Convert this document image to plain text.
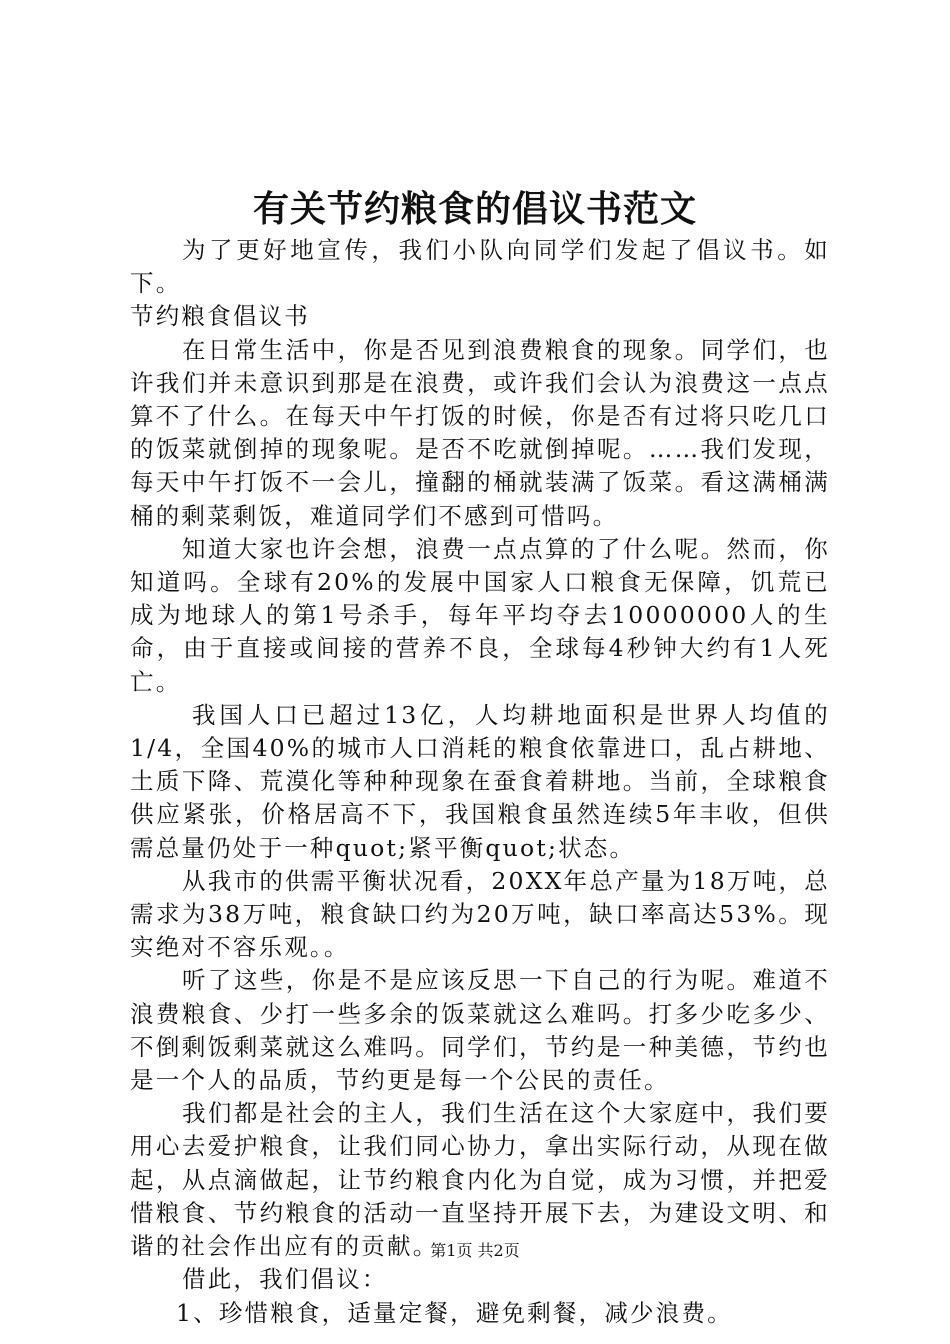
有关节约粮食的倡议书范文

为了更好地宣传，我们小队向同学们发起了倡议书。如下。

节约粮食倡议书

在日常生活中，你是否见到浪费粮食的现象。同学们，也许我们并未意识到那是在浪费，或许我们会认为浪费这一点点算不了什么。在每天中午打饭的时候，你是否有过将只吃几口的饭菜就倒掉的现象呢。是否不吃就倒掉呢。……我们发现，每天中午打饭不一会儿，撞翻的桶就装满了饭菜。看这满桶满桶的剩菜剩饭，难道同学们不感到可惜吗。

知道大家也许会想，浪费一点点算的了什么呢。然而，你知道吗。全球有20%的发展中国家人口粮食无保障，饥荒已成为地球人的第1号杀手，每年平均夺去10000000人的生命，由于直接或间接的营养不良，全球每4秒钟大约有1人死亡。

我国人口已超过13亿，人均耕地面积是世界人均值的1/4，全国40%的城市人口消耗的粮食依靠进口，乱占耕地、土质下降、荒漠化等种种现象在蚕食着耕地。当前，全球粮食供应紧张，价格居高不下，我国粮食虽然连续5年丰收，但供需总量仍处于一种quot;紧平衡quot;状态。

从我市的供需平衡状况看，20XX年总产量为18万吨，总需求为38万吨，粮食缺口约为20万吨，缺口率高达53%。现实绝对不容乐观。。

听了这些，你是不是应该反思一下自己的行为呢。难道不浪费粮食、少打一些多余的饭菜就这么难吗。打多少吃多少、不倒剩饭剩菜就这么难吗。同学们，节约是一种美德，节约也是一个人的品质，节约更是每一个公民的责任。

我们都是社会的主人，我们生活在这个大家庭中，我们要用心去爱护粮食，让我们同心协力，拿出实际行动，从现在做起，从点滴做起，让节约粮食内化为自觉，成为习惯，并把爱惜粮食、节约粮食的活动一直坚持开展下去，为建设文明、和谐的社会作出应有的贡献。

借此，我们倡议：

1、珍惜粮食，适量定餐，避免剩餐，减少浪费。

第1页 共2页
